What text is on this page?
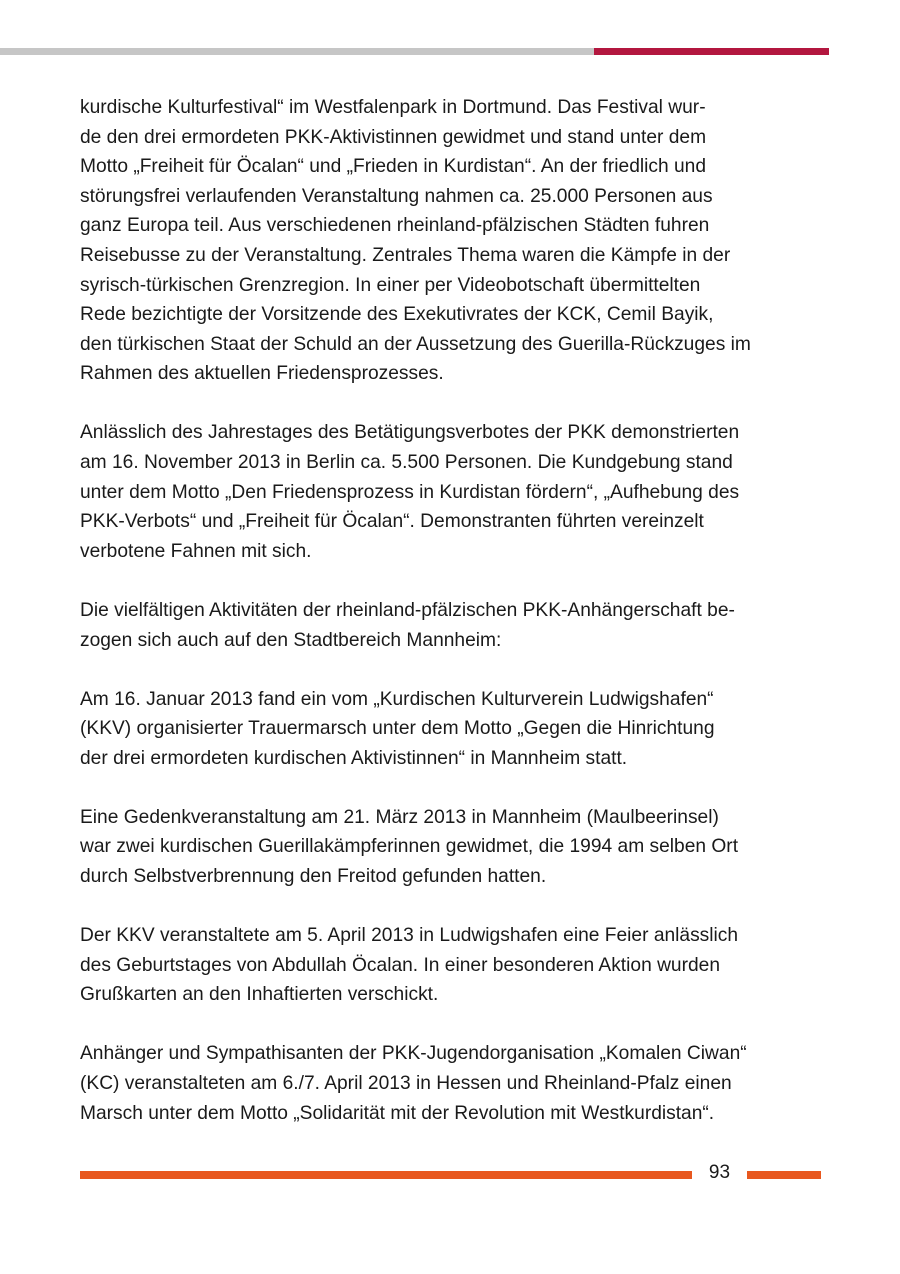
kurdische Kulturfestival“ im Westfalenpark in Dortmund. Das Festival wur-
de den drei ermordeten PKK-Aktivistinnen gewidmet und stand unter dem
Motto „Freiheit für Öcalan“ und „Frieden in Kurdistan“. An der friedlich und
störungsfrei verlaufenden Veranstaltung nahmen ca. 25.000 Personen aus
ganz Europa teil. Aus verschiedenen rheinland-pfälzischen Städten fuhren
Reisebusse zu der Veranstaltung. Zentrales Thema waren die Kämpfe in der
syrisch-türkischen Grenzregion. In einer per Videobotschaft übermittelten
Rede bezichtigte der Vorsitzende des Exekutivrates der KCK, Cemil Bayik,
den türkischen Staat der Schuld an der Aussetzung des Guerilla-Rückzuges im
Rahmen des aktuellen Friedensprozesses.

Anlässlich des Jahrestages des Betätigungsverbotes der PKK demonstrierten
am 16. November 2013 in Berlin ca. 5.500 Personen. Die Kundgebung stand
unter dem Motto „Den Friedensprozess in Kurdistan fördern“, „Aufhebung des
PKK-Verbots“ und „Freiheit für Öcalan“. Demonstranten führten vereinzelt
verbotene Fahnen mit sich.

Die vielfältigen Aktivitäten der rheinland-pfälzischen PKK-Anhängerschaft be-
zogen sich auch auf den Stadtbereich Mannheim:

Am 16. Januar 2013 fand ein vom „Kurdischen Kulturverein Ludwigshafen“
(KKV) organisierter Trauermarsch unter dem Motto „Gegen die Hinrichtung
der drei ermordeten kurdischen Aktivistinnen“ in Mannheim statt.

Eine Gedenkveranstaltung am 21. März 2013 in Mannheim (Maulbeerinsel)
war zwei kurdischen Guerillakämpferinnen gewidmet, die 1994 am selben Ort
durch Selbstverbrennung den Freitod gefunden hatten.

Der KKV veranstaltete am 5. April 2013 in Ludwigshafen eine Feier anlässlich
des Geburtstages von Abdullah Öcalan. In einer besonderen Aktion wurden
Grußkarten an den Inhaftierten verschickt.

Anhänger und Sympathisanten der PKK-Jugendorganisation „Komalen Ciwan“
(KC) veranstalteten am 6./7. April 2013 in Hessen und Rheinland-Pfalz einen
Marsch unter dem Motto „Solidarität mit der Revolution mit Westkurdistan“.

93
